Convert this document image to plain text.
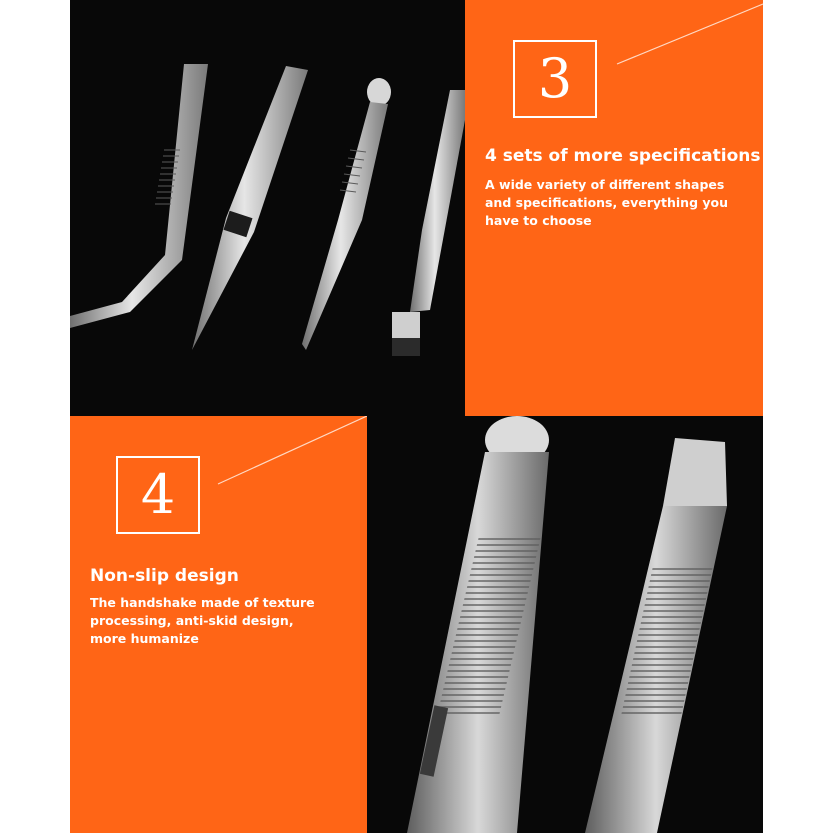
3
4 sets of more specifications
A wide variety of different shapes
and specifications, everything you
have to choose
4
Non-slip design
The handshake made of texture
processing, anti-skid design,
more humanize
